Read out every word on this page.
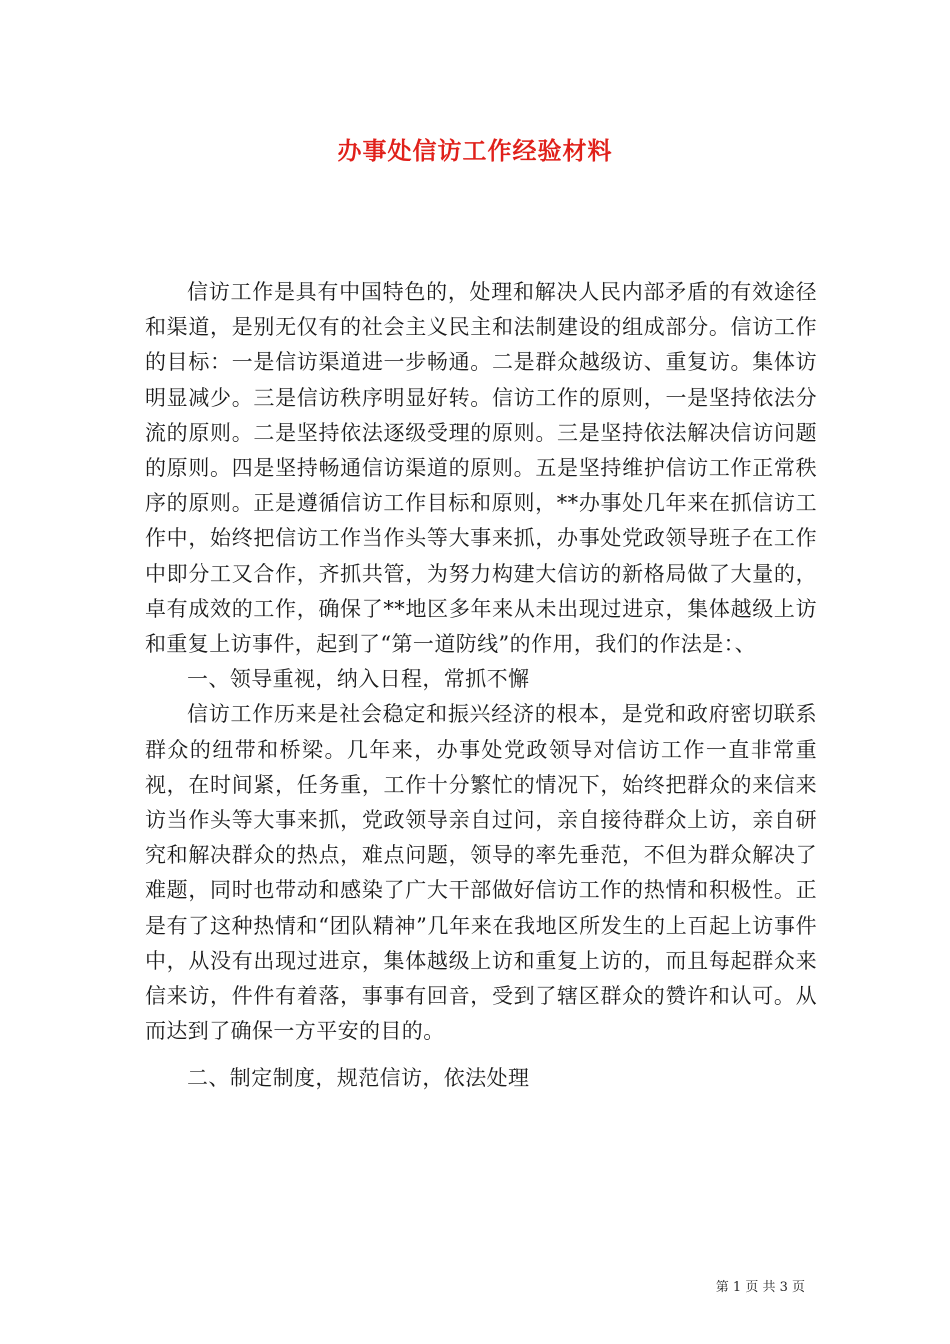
办事处信访工作经验材料

信访工作是具有中国特色的，处理和解决人民内部矛盾的有效途径和渠道，是别无仅有的社会主义民主和法制建设的组成部分。信访工作的目标：一是信访渠道进一步畅通。二是群众越级访、重复访。集体访明显减少。三是信访秩序明显好转。信访工作的原则，一是坚持依法分流的原则。二是坚持依法逐级受理的原则。三是坚持依法解决信访问题的原则。四是坚持畅通信访渠道的原则。五是坚持维护信访工作正常秩序的原则。正是遵循信访工作目标和原则，**办事处几年来在抓信访工作中，始终把信访工作当作头等大事来抓，办事处党政领导班子在工作中即分工又合作，齐抓共管，为努力构建大信访的新格局做了大量的，卓有成效的工作，确保了**地区多年来从未出现过进京，集体越级上访和重复上访事件，起到了“第一道防线”的作用，我们的作法是：、

一、领导重视，纳入日程，常抓不懈

信访工作历来是社会稳定和振兴经济的根本，是党和政府密切联系群众的纽带和桥梁。几年来，办事处党政领导对信访工作一直非常重视，在时间紧，任务重，工作十分繁忙的情况下，始终把群众的来信来访当作头等大事来抓，党政领导亲自过问，亲自接待群众上访，亲自研究和解决群众的热点，难点问题，领导的率先垂范，不但为群众解决了难题，同时也带动和感染了广大干部做好信访工作的热情和积极性。正是有了这种热情和“团队精神”几年来在我地区所发生的上百起上访事件中，从没有出现过进京，集体越级上访和重复上访的，而且每起群众来信来访，件件有着落，事事有回音，受到了辖区群众的赞许和认可。从而达到了确保一方平安的目的。

二、制定制度，规范信访，依法处理

第 1 页 共 3 页
